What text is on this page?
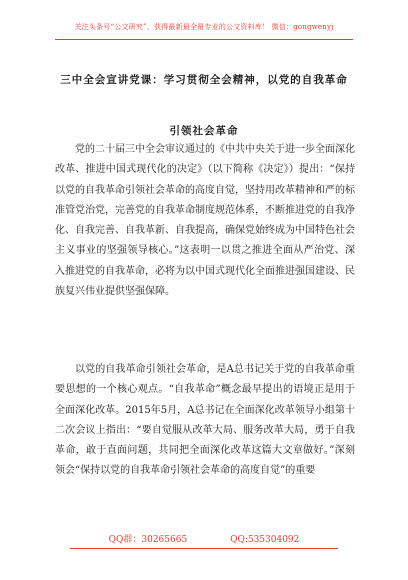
关注头条号“公文研究”，获得最新最全最专业的公文资料库！ 微信：gongwenyj
三中全会宣讲党课：学习贯彻全会精神，以党的自我革命
引领社会革命

党的二十届三中全会审议通过的《中共中央关于进一步全面深化改革、推进中国式现代化的决定》（以下简称《决定》）提出：“保持以党的自我革命引领社会革命的高度自觉，坚持用改革精神和严的标准管党治党，完善党的自我革命制度规范体系，不断推进党的自我净化、自我完善、自我革新、自我提高，确保党始终成为中国特色社会主义事业的坚强领导核心。”这表明一以贯之推进全面从严治党、深入推进党的自我革命，必将为以中国式现代化全面推进强国建设、民族复兴伟业提供坚强保障。

以党的自我革命引领社会革命，是A总书记关于党的自我革命重要思想的一个核心观点。“自我革命”概念最早提出的语境正是用于全面深化改革。2015年5月，A总书记在全面深化改革领导小组第十二次会议上指出：“要自觉服从改革大局、服务改革大局，勇于自我革命，敢于直面问题，共同把全面深化改革这篇大文章做好。”深刻领会“保持以党的自我革命引领社会革命的高度自觉”的重要

QQ群：30265665	QQ:535304092
